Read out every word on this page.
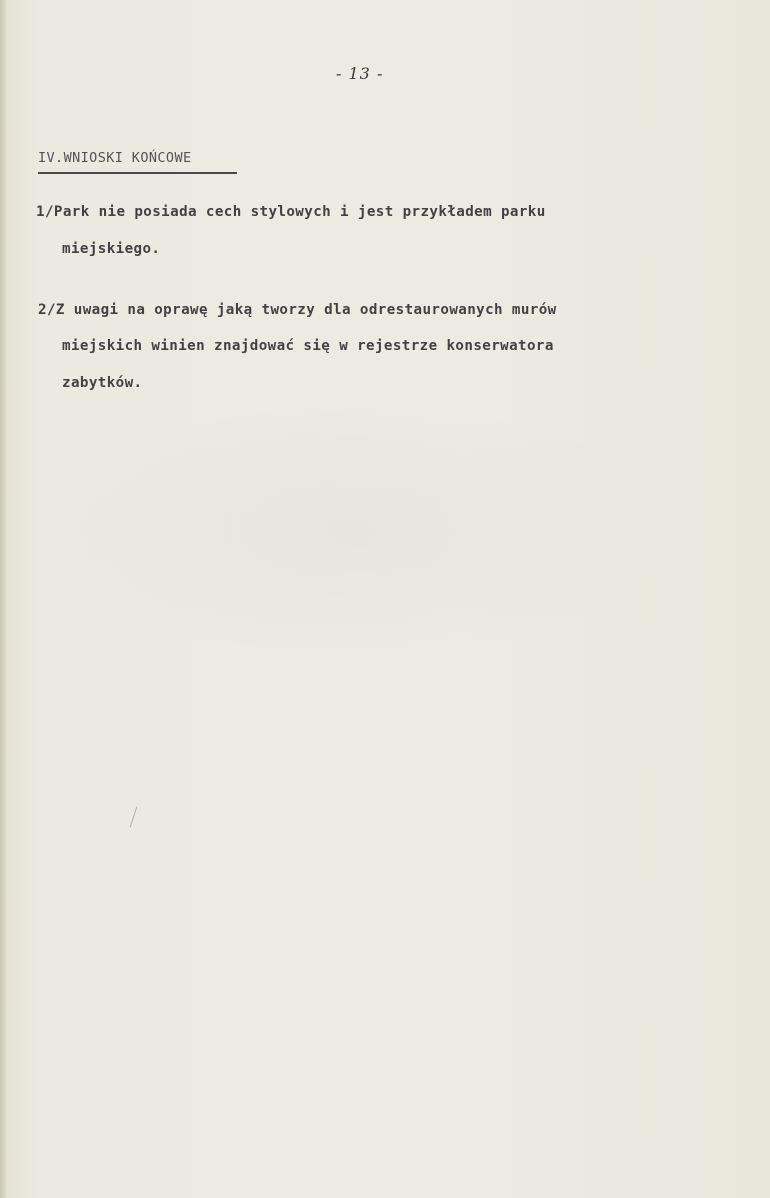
- 13 -
IV.WNIOSKI KOŃCOWE
1/Park nie posiada cech stylowych i jest przykładem parku
miejskiego.
2/Z uwagi na oprawę jaką tworzy dla odrestaurowanych murów
miejskich winien znajdować się w rejestrze konserwatora
zabytków.
